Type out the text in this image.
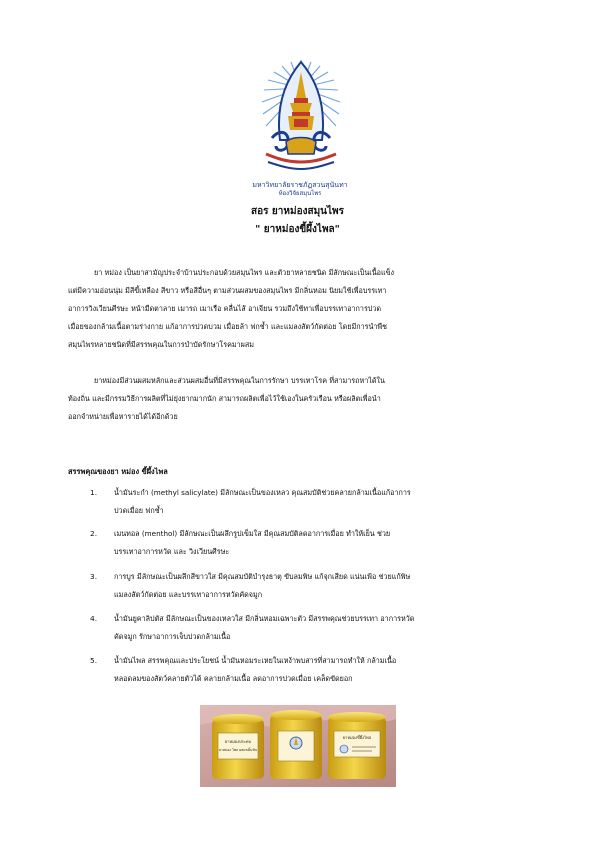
มหาวิทยาลัยราชภัฏสวนสุนันทา
ห้องวิจัยสมุนไพร
สอร ยาหม่องสมุนไพร
" ยาหม่องขี้ผึ้งไพล"
ยา หม่อง เป็นยาสามัญประจำบ้านประกอบด้วยสมุนไพร และตัวยาหลายชนิด มีลักษณะเป็นเนื้อแข็ง
แต่มีความอ่อนนุ่ม มีสีขี้เหลือง สีขาว หรือสีอื่นๆ ตามส่วนผสมของสมุนไพร มีกลิ่นหอม นิยมใช้เพื่อบรรเทา
อาการวิงเวียนศีรษะ หน้ามืดตาลาย เมารถ เมาเรือ คลื่นไส้ อาเจียน รวมถึงใช้ทาเพื่อบรรเทาอาการปวด
เมื่อยของกล้ามเนื้อตามร่างกาย แก้อาการปวดบวม เมื่อยล้า ฟกช้ำ และแมลงสัตว์กัดต่อย โดยมีการนำพืช
สมุนไพรหลายชนิดที่มีสรรพคุณในการบำบัดรักษาโรคมาผสม
ยาหม่องมีส่วนผสมหลักและส่วนผสมอื่นที่มีสรรพคุณในการรักษา บรรเทาโรค ที่สามารถหาได้ใน
ท้องถิ่น และมีกรรมวิธีการผลิตที่ไม่ยุ่งยากมากนัก สามารถผลิตเพื่อไว้ใช้เองในครัวเรือน หรือผลิตเพื่อนำ
ออกจำหน่ายเพื่อหารายได้ได้อีกด้วย
สรรพคุณของยา หม่อง ขี้ผึ้งไพล
1. น้ำมันระกำ (methyl salicylate) มีลักษณะเป็นของเหลว คุณสมบัติช่วยคลายกล้ามเนื้อแก้อาการ
ปวดเมื่อย ฟกช้ำ
2. เมนทอล (menthol) มีลักษณะเป็นผลึกรูปเข็มใส มีคุณสมบัติลดอาการเมื่อย ทำให้เย็น ช่วย
บรรเทาอาการหวัด และ วิงเวียนศีรษะ
3. การบูร มีลักษณะเป็นผลึกสีขาวใส มีคุณสมบัติบำรุงธาตุ ขับลมพิษ แก้จุกเสียด แน่นเฟ้อ ช่วยแก้พิษ
แมลงสัตว์กัดต่อย และบรรเทาอาการหวัดคัดจมูก
4. น้ำมันยูคาลิปตัส มีลักษณะเป็นของเหลวใส มีกลิ่นหอมเฉพาะตัว มีสรรพคุณช่วยบรรเทา อาการหวัด
คัดจมูก รักษาอาการเจ็บปวดกล้ามเนื้อ
5. น้ำมันไพล สรรพคุณและประโยชน์ น้ำมันหอมระเหยในเหง้าพบสารที่สามารถทำให้ กล้ามเนื้อ
หลอดลมของสัตว์คลายตัวได้ คลายกล้ามเนื้อ ลดอาการปวดเมื่อย เคล็ดขัดยอก
ยาหม่องประคบ
ยาหม่อง ไพล ผสมขมิ้นชัน
ยาหม่องขี้ผึ้งไพล
